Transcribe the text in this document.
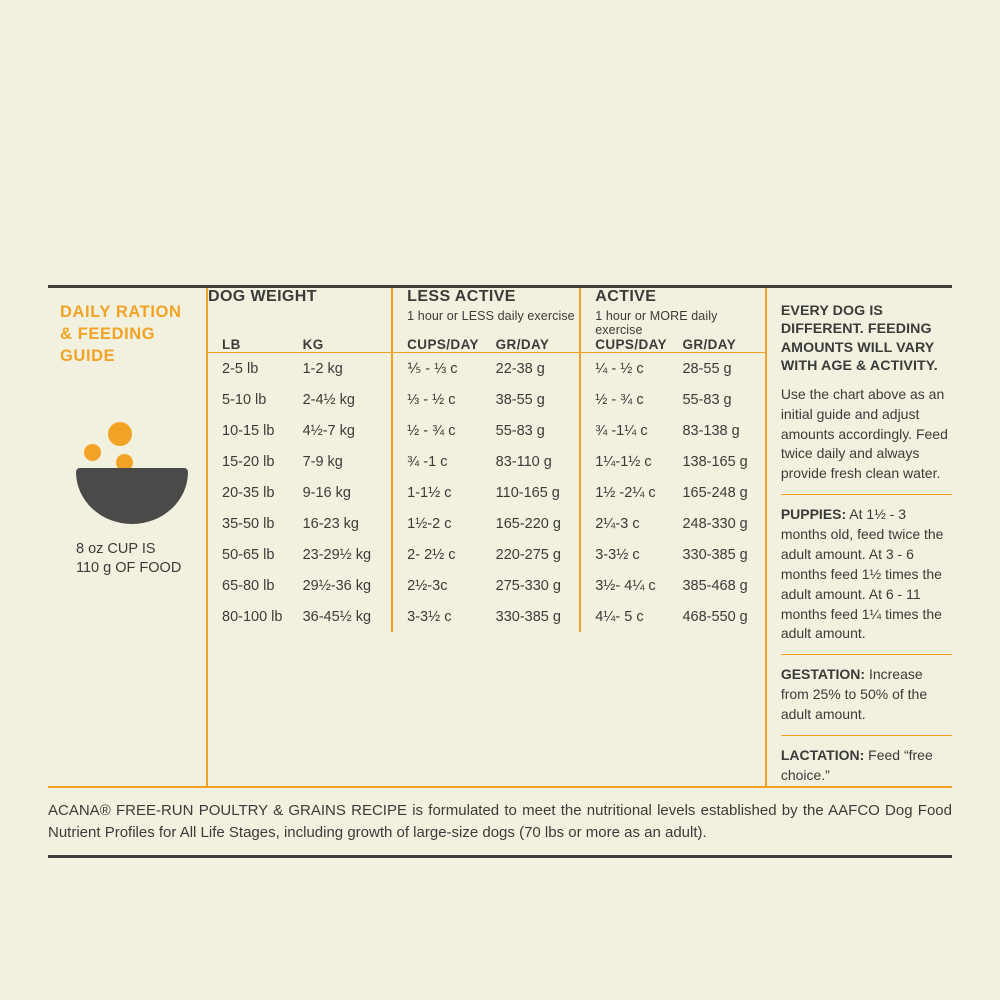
DAILY RATION
& FEEDING
GUIDE
8 oz CUP IS
110 g OF FOOD
DOG WEIGHT	LESS ACTIVE
1 hour or LESS daily exercise

ACTIVE
1 hour or MORE daily exercise

LB	KG	CUPS/DAY	GR/DAY	CUPS/DAY	GR/DAY
2-5 lb	1-2 kg	⅕ - ⅓ c	22-38 g	¼ - ½ c	28-55 g
5-10 lb	2-4½ kg	⅓ - ½ c	38-55 g	½ - ¾ c	55-83 g
10-15 lb	4½-7 kg	½ - ¾ c	55-83 g	¾ -1¼ c	83-138 g
15-20 lb	7-9 kg	¾ -1 c	83-110 g	1¼-1½ c	138-165 g
20-35 lb	9-16 kg	1-1½ c	110-165 g	1½ -2¼ c	165-248 g
35-50 lb	16-23 kg	1½-2 c	165-220 g	2¼-3 c	248-330 g
50-65 lb	23-29½ kg	2- 2½ c	220-275 g	3-3½ c	330-385 g
65-80 lb	29½-36 kg	2½-3c	275-330 g	3½- 4¼ c	385-468 g
80-100 lb	36-45½ kg	3-3½ c	330-385 g	4¼- 5 c	468-550 g
EVERY DOG IS DIFFERENT. FEEDING AMOUNTS WILL VARY WITH AGE & ACTIVITY.
Use the chart above as an initial guide and adjust amounts accordingly. Feed twice daily and always provide fresh clean water.
PUPPIES: At 1½ - 3 months old, feed twice the adult amount. At 3 - 6 months feed 1½ times the adult amount. At 6 - 11 months feed 1¼ times the adult amount.
GESTATION: Increase from 25% to 50% of the adult amount.
LACTATION: Feed “free choice.”
ACANA® FREE-RUN POULTRY & GRAINS RECIPE is formulated to meet the nutritional levels established by the AAFCO Dog Food Nutrient Profiles for All Life Stages, including growth of large-size dogs (70 lbs or more as an adult).
